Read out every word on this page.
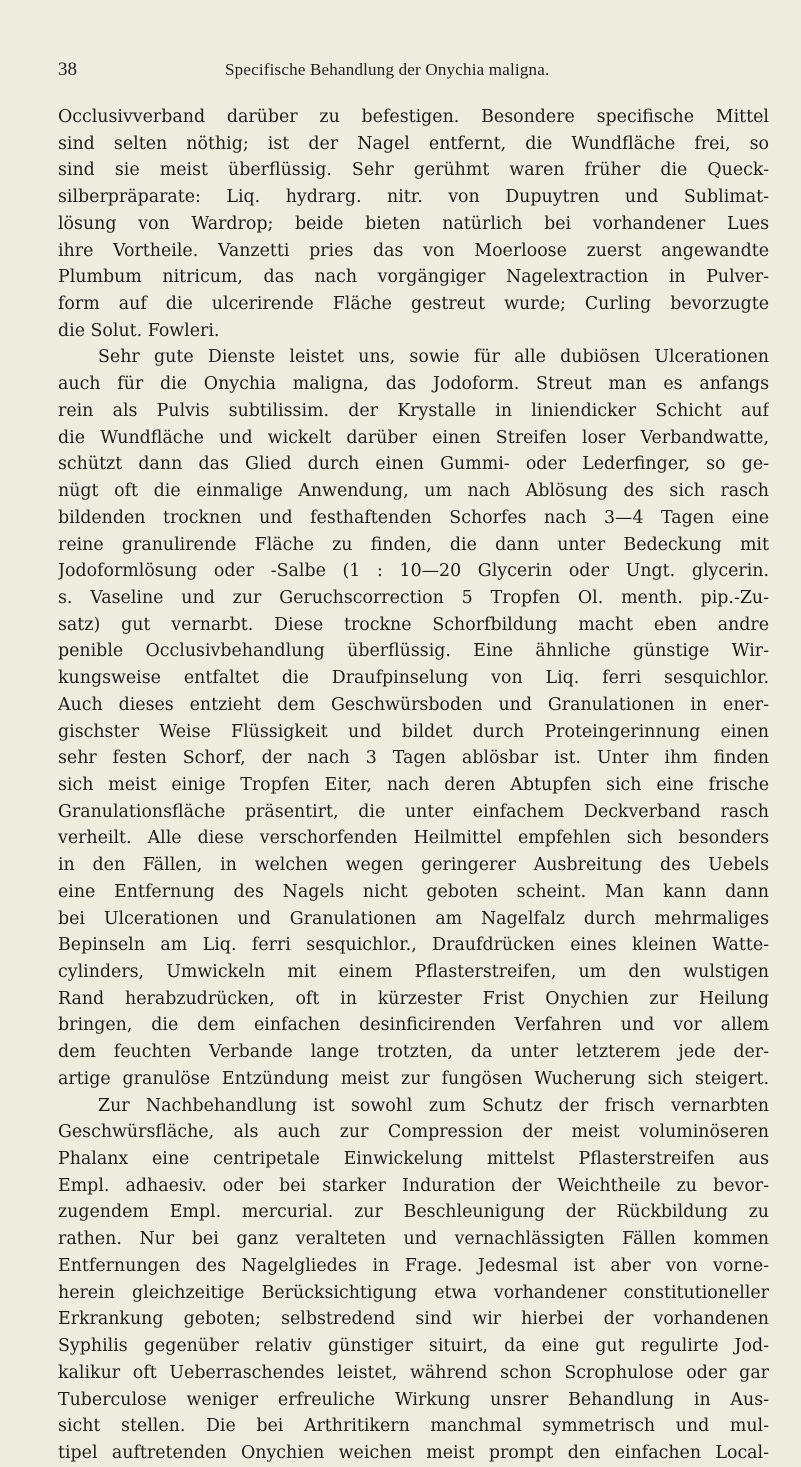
38	Specifische Behandlung der Onychia maligna.
Occlusivverband darüber zu befestigen. Besondere specifische Mittel
sind selten nöthig; ist der Nagel entfernt, die Wundfläche frei, so
sind sie meist überflüssig. Sehr gerühmt waren früher die Queck-
silberpräparate: Liq. hydrarg. nitr. von Dupuytren und Sublimat-
lösung von Wardrop; beide bieten natürlich bei vorhandener Lues
ihre Vortheile. Vanzetti pries das von Moerloose zuerst angewandte
Plumbum nitricum, das nach vorgängiger Nagelextraction in Pulver-
form auf die ulcerirende Fläche gestreut wurde; Curling bevorzugte
die Solut. Fowleri.
Sehr gute Dienste leistet uns, sowie für alle dubiösen Ulcerationen
auch für die Onychia maligna, das Jodoform. Streut man es anfangs
rein als Pulvis subtilissim. der Krystalle in liniendicker Schicht auf
die Wundfläche und wickelt darüber einen Streifen loser Verbandwatte,
schützt dann das Glied durch einen Gummi- oder Lederfinger, so ge-
nügt oft die einmalige Anwendung, um nach Ablösung des sich rasch
bildenden trocknen und festhaftenden Schorfes nach 3—4 Tagen eine
reine granulirende Fläche zu finden, die dann unter Bedeckung mit
Jodoformlösung oder -Salbe (1 : 10—20 Glycerin oder Ungt. glycerin.
s. Vaseline und zur Geruchscorrection 5 Tropfen Ol. menth. pip.-Zu-
satz) gut vernarbt. Diese trockne Schorfbildung macht eben andre
penible Occlusivbehandlung überflüssig. Eine ähnliche günstige Wir-
kungsweise entfaltet die Draufpinselung von Liq. ferri sesquichlor.
Auch dieses entzieht dem Geschwürsboden und Granulationen in ener-
gischster Weise Flüssigkeit und bildet durch Proteingerinnung einen
sehr festen Schorf, der nach 3 Tagen ablösbar ist. Unter ihm finden
sich meist einige Tropfen Eiter, nach deren Abtupfen sich eine frische
Granulationsfläche präsentirt, die unter einfachem Deckverband rasch
verheilt. Alle diese verschorfenden Heilmittel empfehlen sich besonders
in den Fällen, in welchen wegen geringerer Ausbreitung des Uebels
eine Entfernung des Nagels nicht geboten scheint. Man kann dann
bei Ulcerationen und Granulationen am Nagelfalz durch mehrmaliges
Bepinseln am Liq. ferri sesquichlor., Draufdrücken eines kleinen Watte-
cylinders, Umwickeln mit einem Pflasterstreifen, um den wulstigen
Rand herabzudrücken, oft in kürzester Frist Onychien zur Heilung
bringen, die dem einfachen desinficirenden Verfahren und vor allem
dem feuchten Verbande lange trotzten, da unter letzterem jede der-
artige granulöse Entzündung meist zur fungösen Wucherung sich steigert.
Zur Nachbehandlung ist sowohl zum Schutz der frisch vernarbten
Geschwürsfläche, als auch zur Compression der meist voluminöseren
Phalanx eine centripetale Einwickelung mittelst Pflasterstreifen aus
Empl. adhaesiv. oder bei starker Induration der Weichtheile zu bevor-
zugendem Empl. mercurial. zur Beschleunigung der Rückbildung zu
rathen. Nur bei ganz veralteten und vernachlässigten Fällen kommen
Entfernungen des Nagelgliedes in Frage. Jedesmal ist aber von vorne-
herein gleichzeitige Berücksichtigung etwa vorhandener constitutioneller
Erkrankung geboten; selbstredend sind wir hierbei der vorhandenen
Syphilis gegenüber relativ günstiger situirt, da eine gut regulirte Jod-
kalikur oft Ueberraschendes leistet, während schon Scrophulose oder gar
Tuberculose weniger erfreuliche Wirkung unsrer Behandlung in Aus-
sicht stellen. Die bei Arthritikern manchmal symmetrisch und mul-
tipel auftretenden Onychien weichen meist prompt den einfachen Local-
